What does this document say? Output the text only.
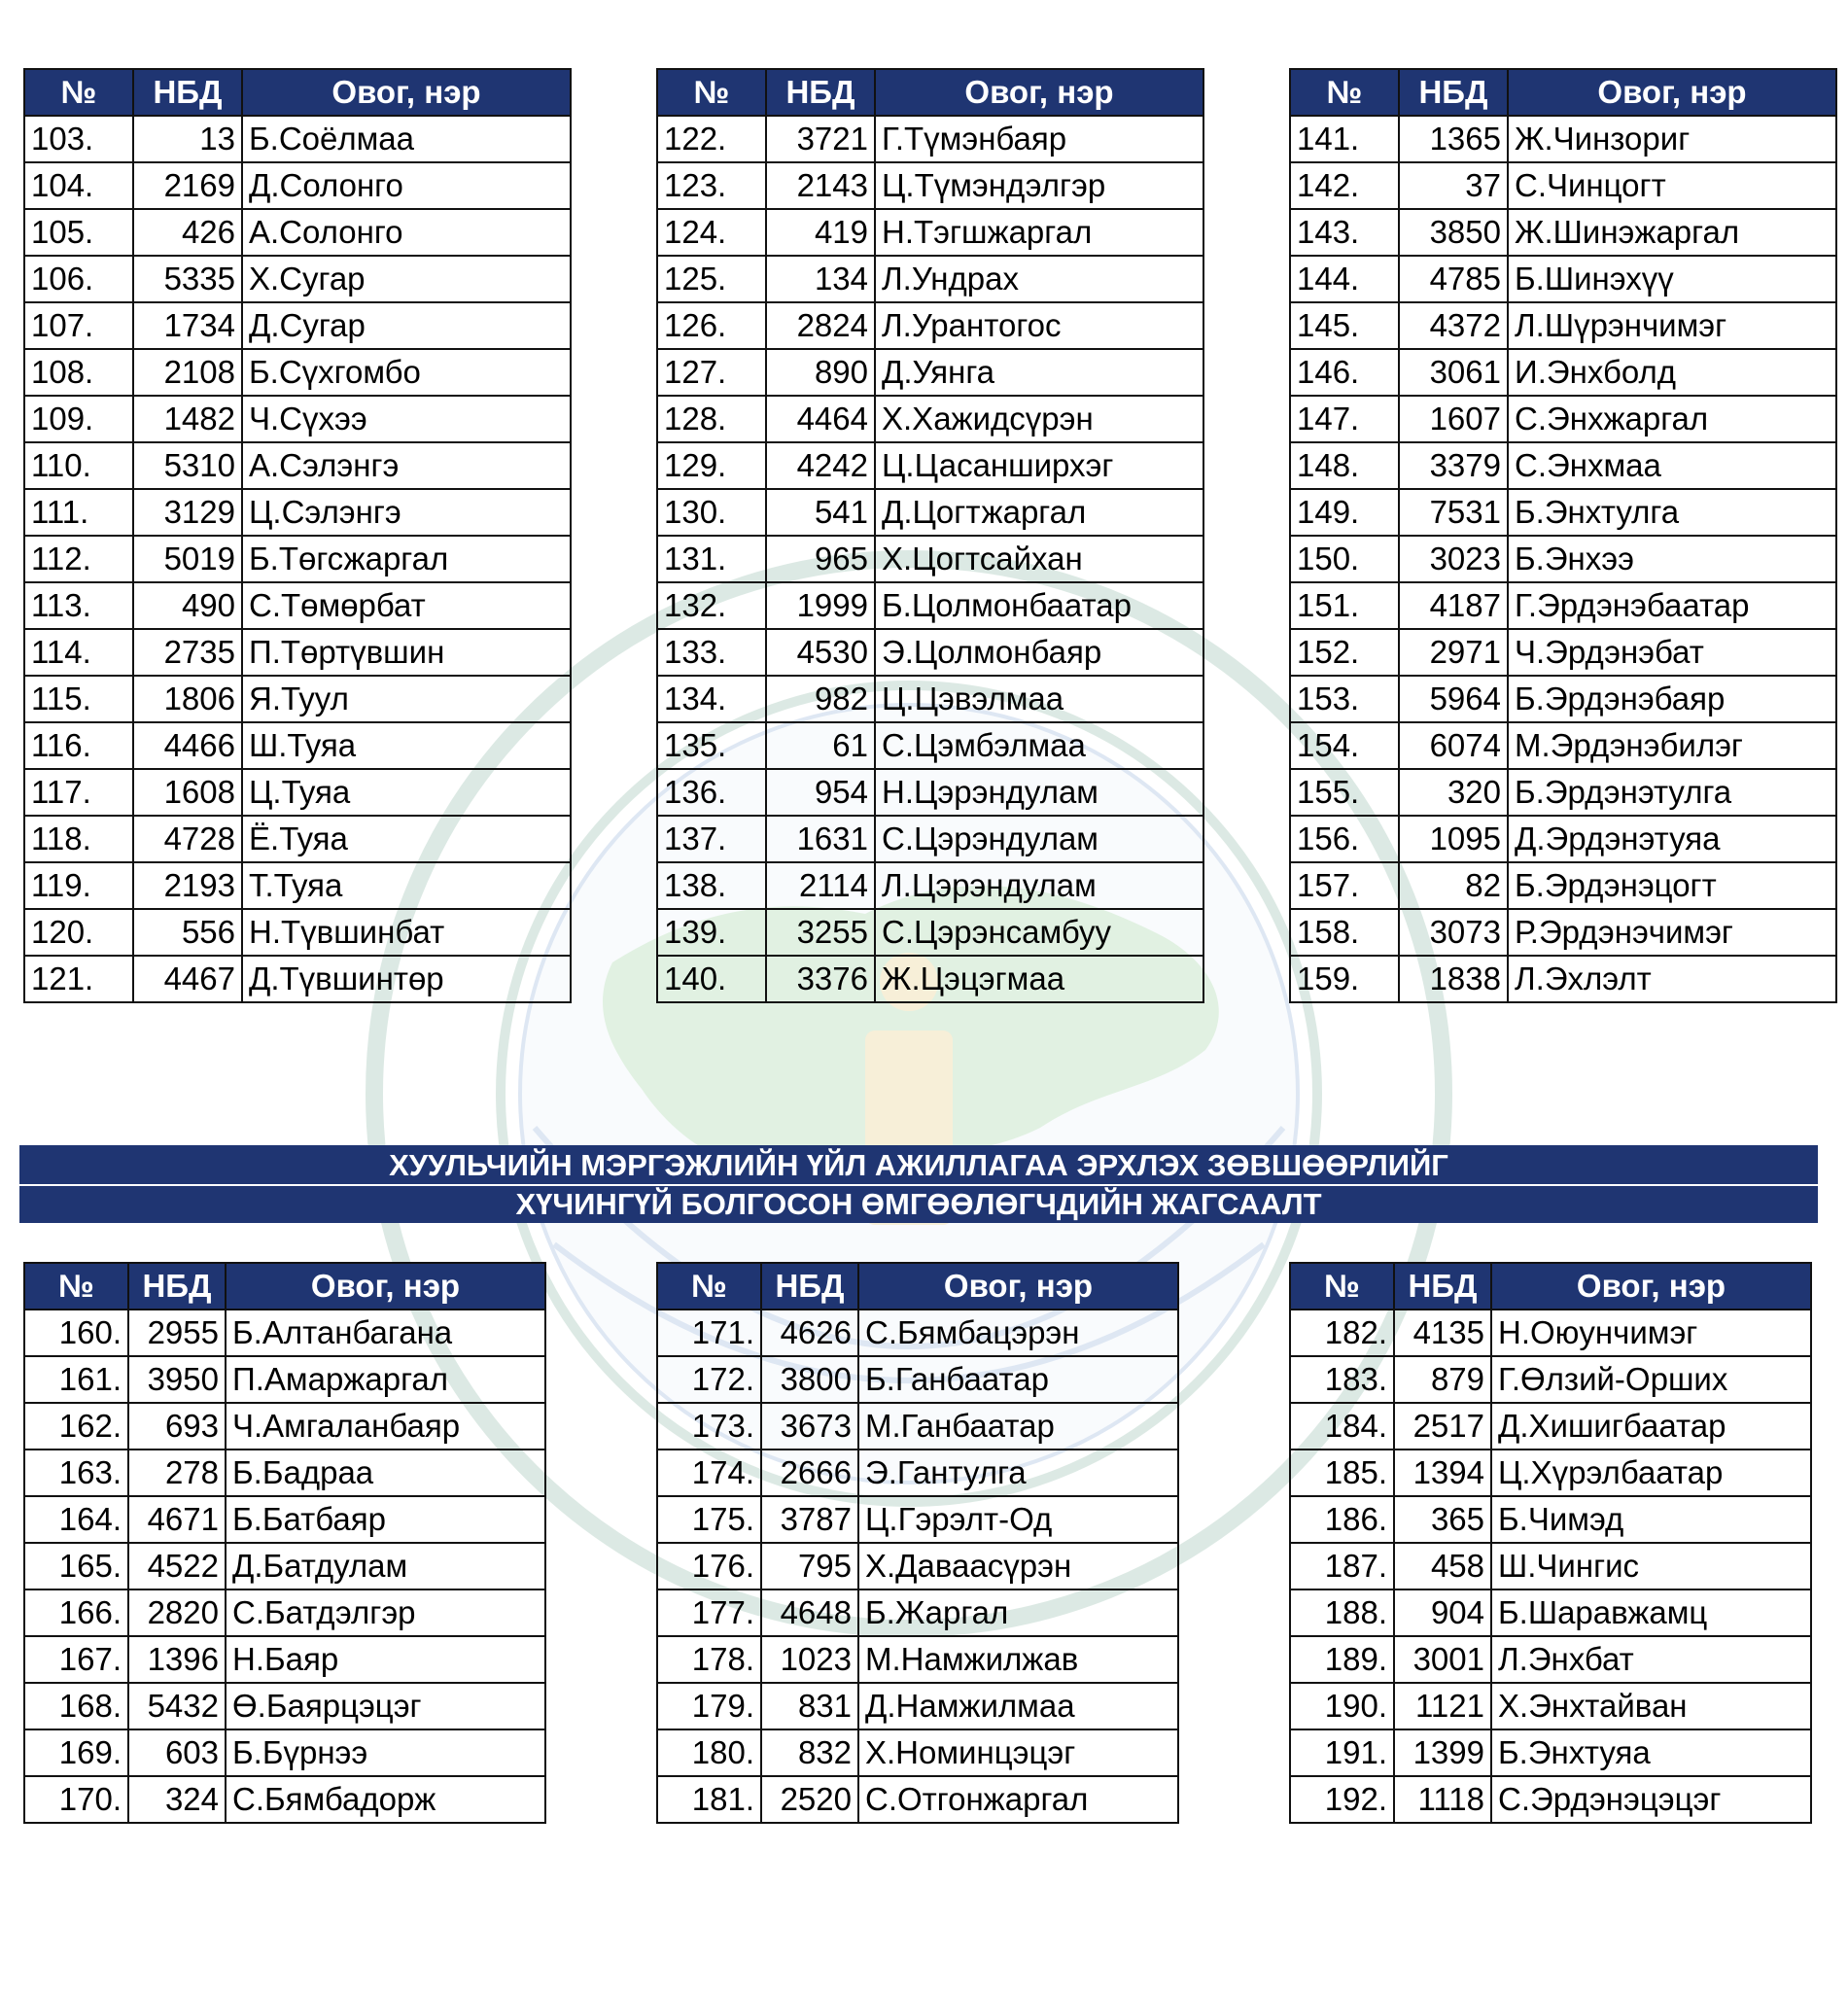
№	НБД	Овог, нэр
103.	13	Б.Соёлмаа
104.	2169	Д.Солонго
105.	426	А.Солонго
106.	5335	Х.Сугар
107.	1734	Д.Сугар
108.	2108	Б.Сүхгомбо
109.	1482	Ч.Сүхээ
110.	5310	А.Сэлэнгэ
111.	3129	Ц.Сэлэнгэ
112.	5019	Б.Төгсжаргал
113.	490	С.Төмөрбат
114.	2735	П.Төртүвшин
115.	1806	Я.Туул
116.	4466	Ш.Туяа
117.	1608	Ц.Туяа
118.	4728	Ё.Туяа
119.	2193	Т.Туяа
120.	556	Н.Түвшинбат
121.	4467	Д.Түвшинтөр
№	НБД	Овог, нэр
122.	3721	Г.Түмэнбаяр
123.	2143	Ц.Түмэндэлгэр
124.	419	Н.Тэгшжаргал
125.	134	Л.Ундрах
126.	2824	Л.Урантогос
127.	890	Д.Уянга
128.	4464	Х.Хажидсүрэн
129.	4242	Ц.Цасанширхэг
130.	541	Д.Цогтжаргал
131.	965	Х.Цогтсайхан
132.	1999	Б.Цолмонбаатар
133.	4530	Э.Цолмонбаяр
134.	982	Ц.Цэвэлмаа
135.	61	С.Цэмбэлмаа
136.	954	Н.Цэрэндулам
137.	1631	С.Цэрэндулам
138.	2114	Л.Цэрэндулам
139.	3255	С.Цэрэнсамбуу
140.	3376	Ж.Цэцэгмаа
№	НБД	Овог, нэр
141.	1365	Ж.Чинзориг
142.	37	С.Чинцогт
143.	3850	Ж.Шинэжаргал
144.	4785	Б.Шинэхүү
145.	4372	Л.Шүрэнчимэг
146.	3061	И.Энхболд
147.	1607	С.Энхжаргал
148.	3379	С.Энхмаа
149.	7531	Б.Энхтулга
150.	3023	Б.Энхээ
151.	4187	Г.Эрдэнэбаатар
152.	2971	Ч.Эрдэнэбат
153.	5964	Б.Эрдэнэбаяр
154.	6074	М.Эрдэнэбилэг
155.	320	Б.Эрдэнэтулга
156.	1095	Д.Эрдэнэтуяа
157.	82	Б.Эрдэнэцогт
158.	3073	Р.Эрдэнэчимэг
159.	1838	Л.Эхлэлт
ХУУЛЬЧИЙН МЭРГЭЖЛИЙН ҮЙЛ АЖИЛЛАГАА ЭРХЛЭХ ЗӨВШӨӨРЛИЙГ
ХҮЧИНГҮЙ БОЛГОСОН ӨМГӨӨЛӨГЧДИЙН ЖАГСААЛТ
№	НБД	Овог, нэр
160.	2955	Б.Алтанбагана
161.	3950	П.Амаржаргал
162.	693	Ч.Амгаланбаяр
163.	278	Б.Бадраа
164.	4671	Б.Батбаяр
165.	4522	Д.Батдулам
166.	2820	С.Батдэлгэр
167.	1396	Н.Баяр
168.	5432	Ө.Баярцэцэг
169.	603	Б.Бүрнээ
170.	324	С.Бямбадорж
№	НБД	Овог, нэр
171.	4626	С.Бямбацэрэн
172.	3800	Б.Ганбаатар
173.	3673	М.Ганбаатар
174.	2666	Э.Гантулга
175.	3787	Ц.Гэрэлт-Од
176.	795	Х.Даваасүрэн
177.	4648	Б.Жаргал
178.	1023	М.Намжилжав
179.	831	Д.Намжилмаа
180.	832	Х.Номинцэцэг
181.	2520	С.Отгонжаргал
№	НБД	Овог, нэр
182.	4135	Н.Оюунчимэг
183.	879	Г.Өлзий-Орших
184.	2517	Д.Хишигбаатар
185.	1394	Ц.Хүрэлбаатар
186.	365	Б.Чимэд
187.	458	Ш.Чингис
188.	904	Б.Шаравжамц
189.	3001	Л.Энхбат
190.	1121	Х.Энхтайван
191.	1399	Б.Энхтуяа
192.	1118	С.Эрдэнэцэцэг
